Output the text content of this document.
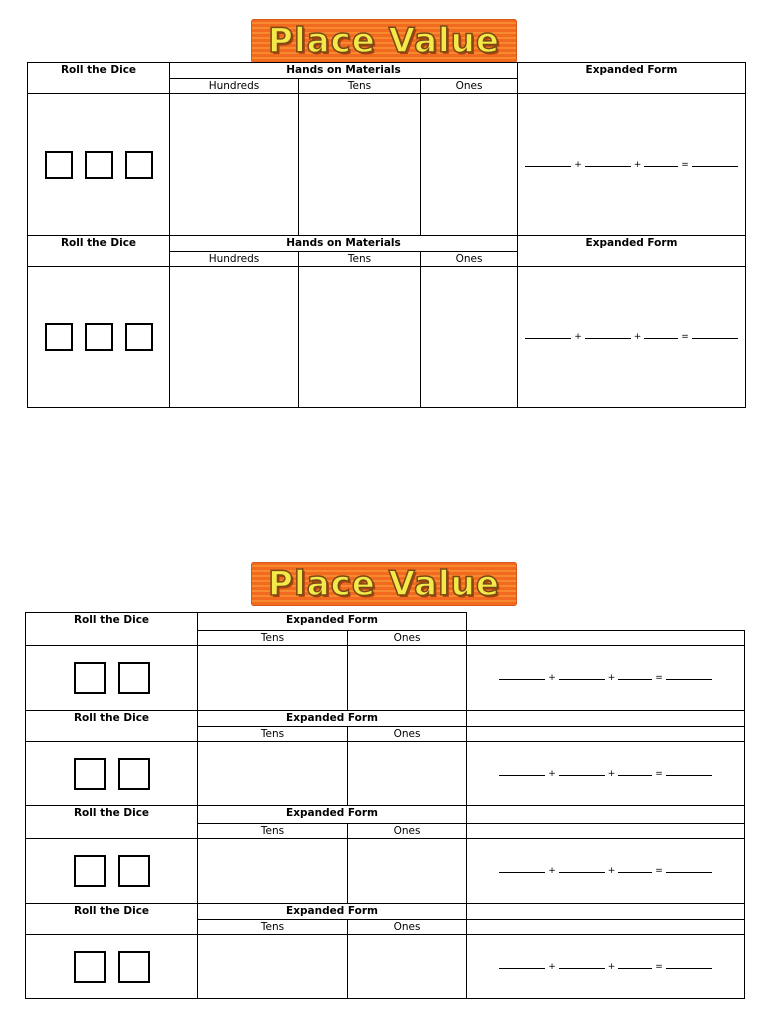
Place Value
Roll the Dice	Hands on Materials			Expanded Form
	Hundreds	Tens	Ones	

				+ + =

Roll the Dice	Hands on Materials			Expanded Form
	Hundreds	Tens	Ones	

				+ + =
Place Value
Roll the Dice	Expanded Form		
	Tens	Ones	

			+ + =

Roll the Dice	Expanded Form		
	Tens	Ones	

			+ + =

Roll the Dice	Expanded Form		
	Tens	Ones	

			+ + =

Roll the Dice	Expanded Form		
	Tens	Ones	

			+ + =
